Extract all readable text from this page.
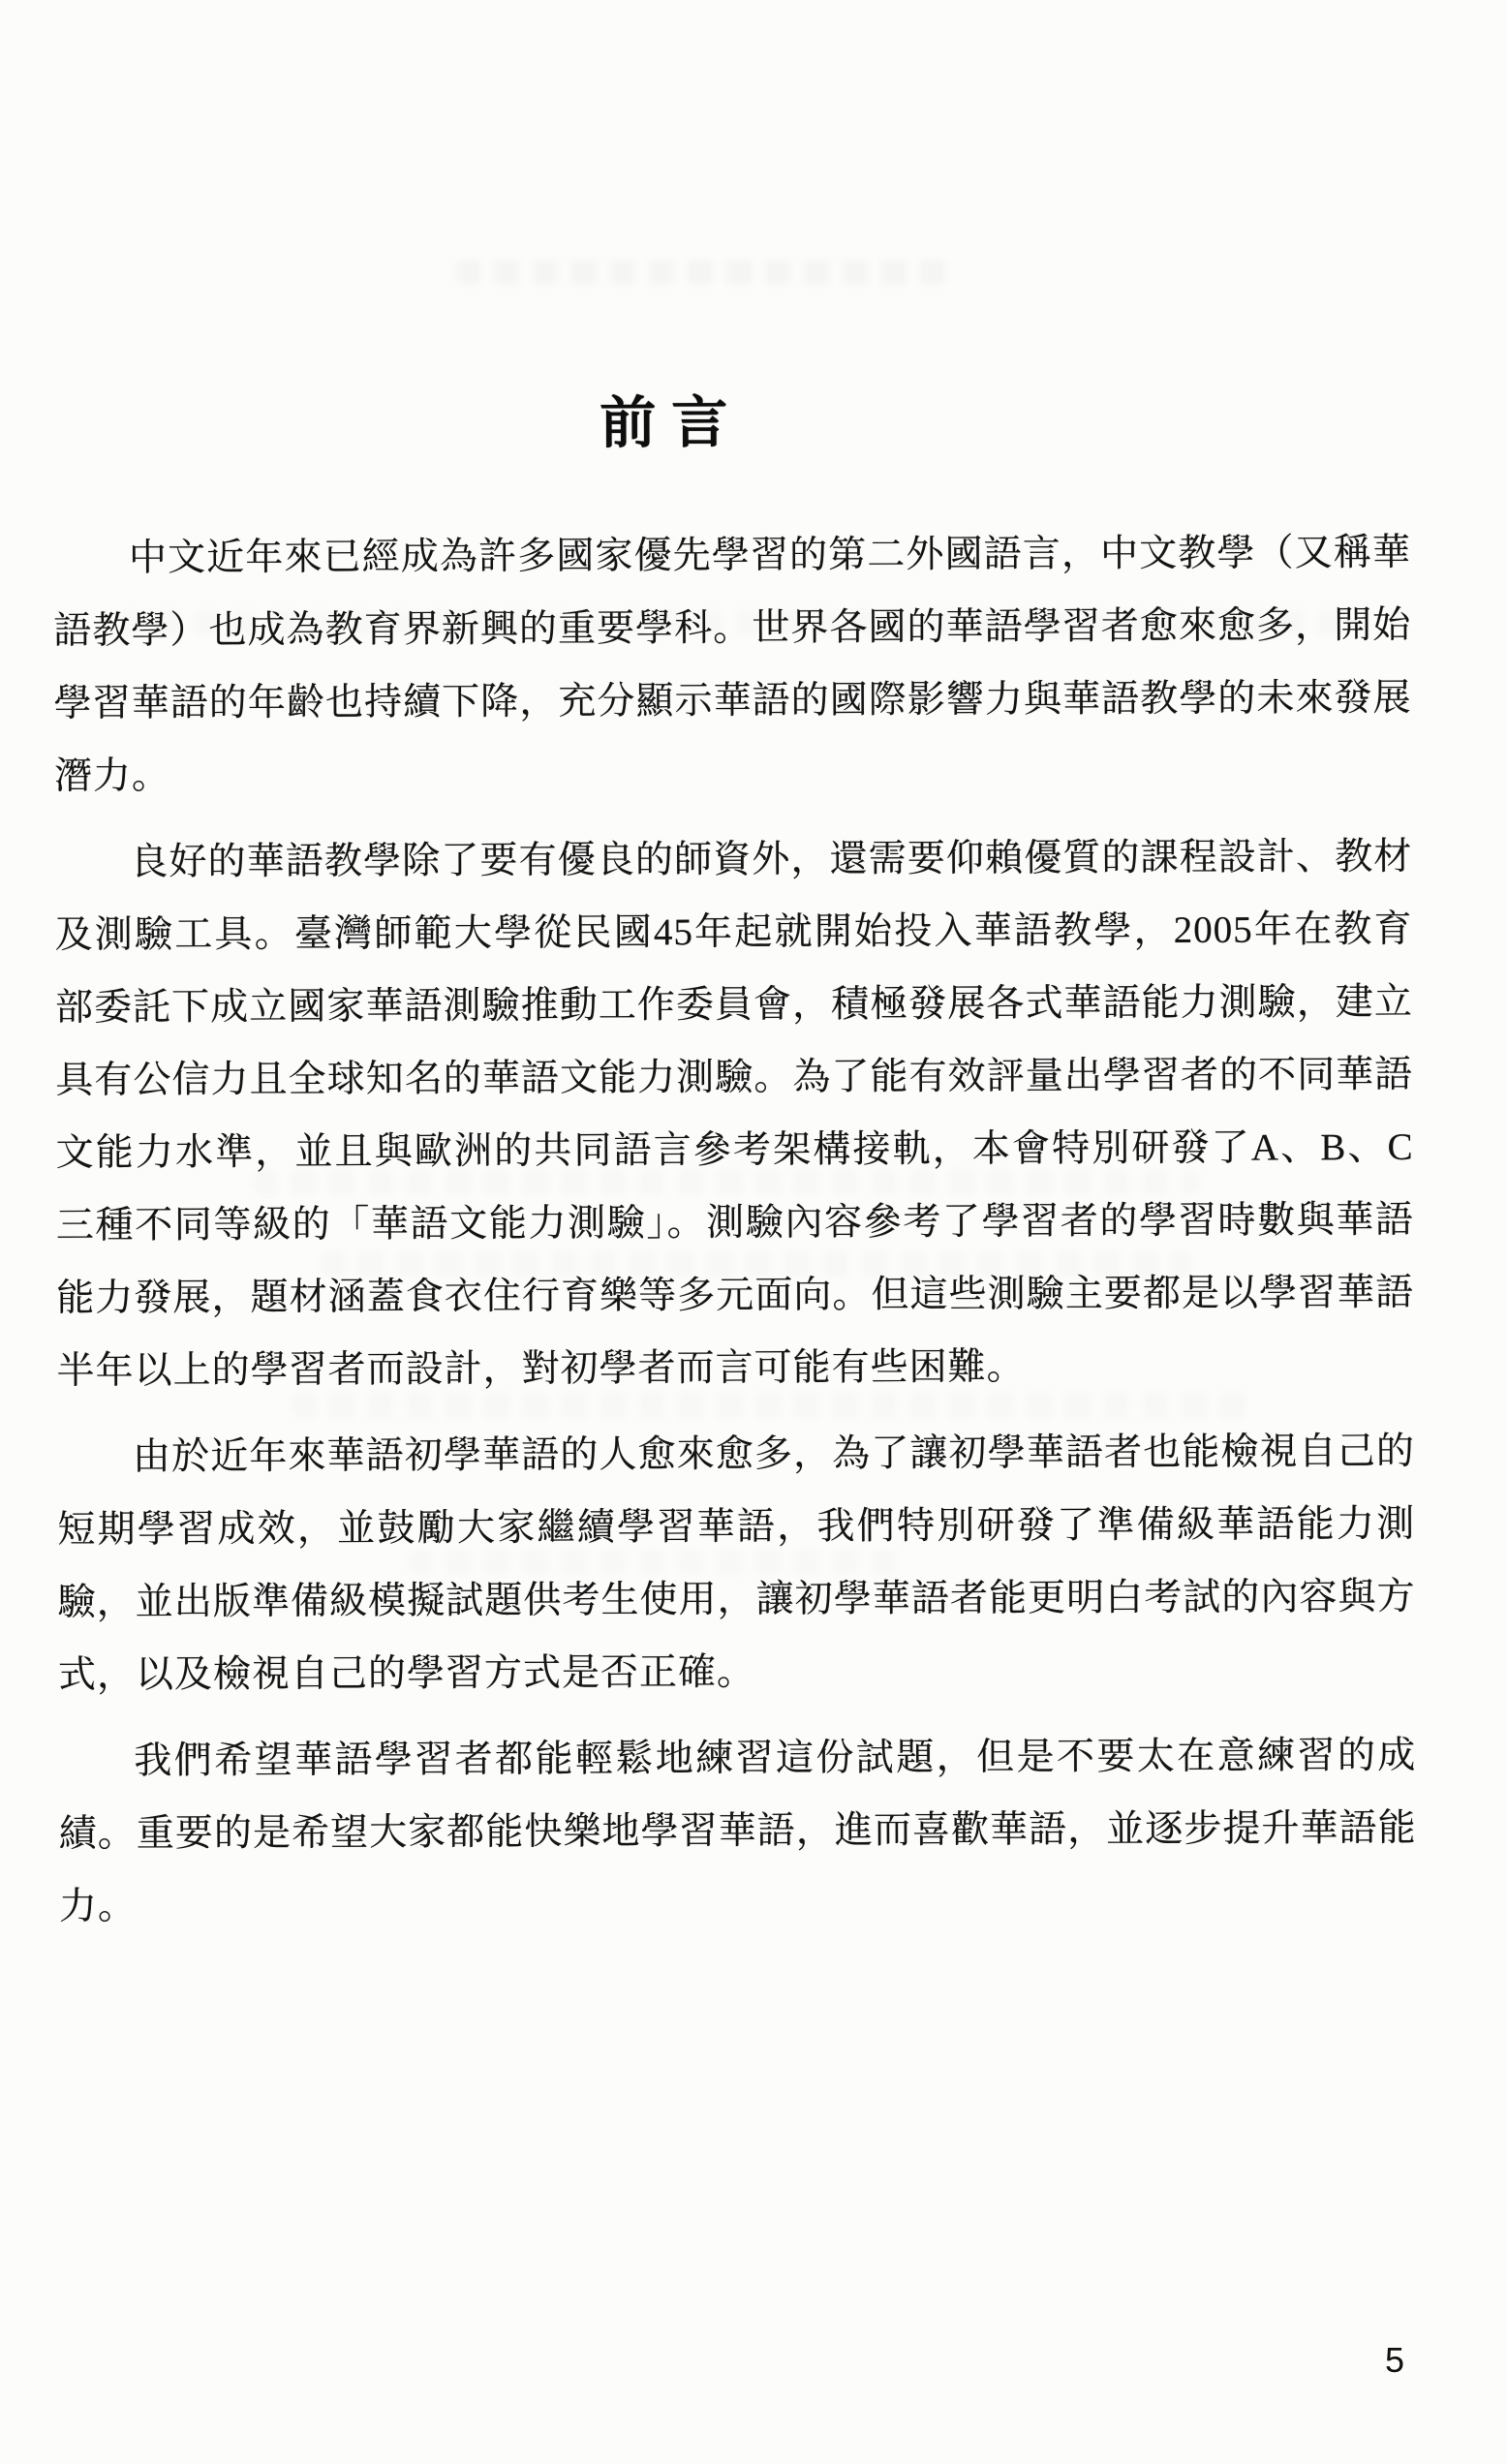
前言

中文近年來已經成為許多國家優先學習的第二外國語言，中文教學（又稱華語教學）也成為教育界新興的重要學科。世界各國的華語學習者愈來愈多，開始學習華語的年齡也持續下降，充分顯示華語的國際影響力與華語教學的未來發展潛力。

良好的華語教學除了要有優良的師資外，還需要仰賴優質的課程設計、教材及測驗工具。臺灣師範大學從民國45年起就開始投入華語教學，2005年在教育部委託下成立國家華語測驗推動工作委員會，積極發展各式華語能力測驗，建立具有公信力且全球知名的華語文能力測驗。為了能有效評量出學習者的不同華語文能力水準，並且與歐洲的共同語言參考架構接軌，本會特別研發了A、B、C三種不同等級的「華語文能力測驗」。測驗內容參考了學習者的學習時數與華語能力發展，題材涵蓋食衣住行育樂等多元面向。但這些測驗主要都是以學習華語半年以上的學習者而設計，對初學者而言可能有些困難。

由於近年來華語初學華語的人愈來愈多，為了讓初學華語者也能檢視自己的短期學習成效，並鼓勵大家繼續學習華語，我們特別研發了準備級華語能力測驗，並出版準備級模擬試題供考生使用，讓初學華語者能更明白考試的內容與方式，以及檢視自己的學習方式是否正確。

我們希望華語學習者都能輕鬆地練習這份試題，但是不要太在意練習的成績。重要的是希望大家都能快樂地學習華語，進而喜歡華語，並逐步提升華語能力。

5
